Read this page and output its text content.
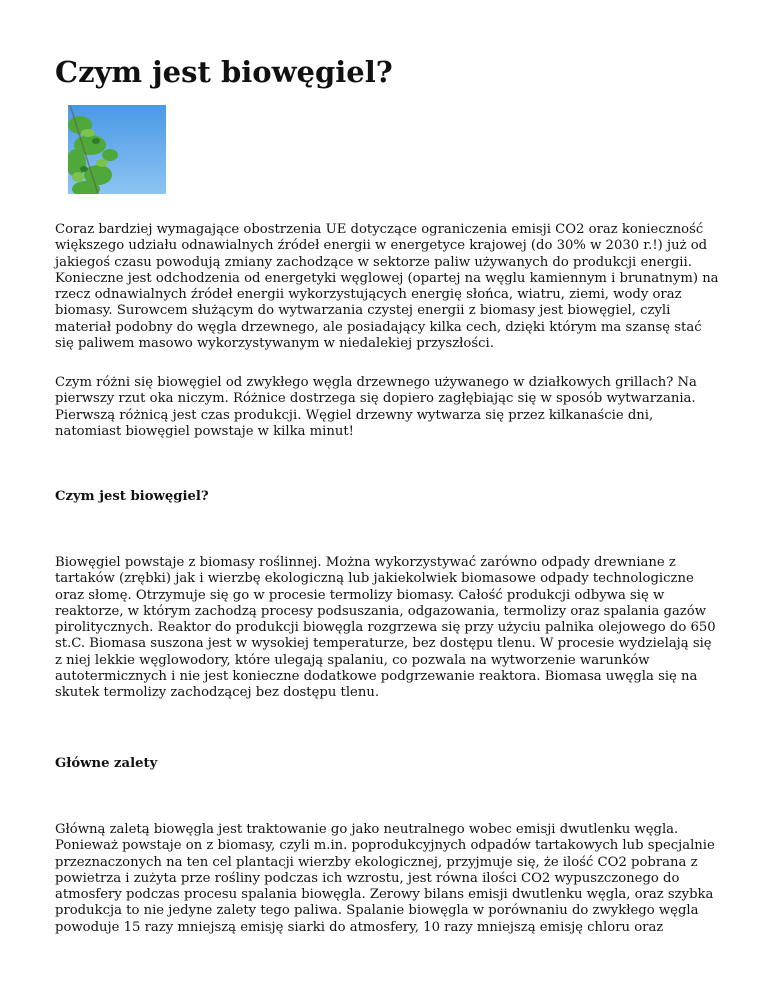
Czym jest biowęgiel?

Coraz bardziej wymagające obostrzenia UE dotyczące ograniczenia emisji CO2 oraz konieczność większego udziału odnawialnych źródeł energii w energetyce krajowej (do 30% w 2030 r.!) już od jakiegoś czasu powodują zmiany zachodzące w sektorze paliw używanych do produkcji energii. Konieczne jest odchodzenia od energetyki węglowej (opartej na węglu kamiennym i brunatnym) na rzecz odnawialnych źródeł energii wykorzystujących energię słońca, wiatru, ziemi, wody oraz biomasy. Surowcem służącym do wytwarzania czystej energii z biomasy jest biowęgiel, czyli materiał podobny do węgla drzewnego, ale posiadający kilka cech, dzięki którym ma szansę stać się paliwem masowo wykorzystywanym w niedalekiej przyszłości.

Czym różni się biowęgiel od zwykłego węgla drzewnego używanego w działkowych grillach? Na pierwszy rzut oka niczym. Różnice dostrzega się dopiero zagłębiając się w sposób wytwarzania. Pierwszą różnicą jest czas produkcji. Węgiel drzewny wytwarza się przez kilkanaście dni, natomiast biowęgiel powstaje w kilka minut!

Czym jest biowęgiel?

Biowęgiel powstaje z biomasy roślinnej. Można wykorzystywać zarówno odpady drewniane z tartaków (zrębki) jak i wierzbę ekologiczną lub jakiekolwiek biomasowe odpady technologiczne oraz słomę. Otrzymuje się go w procesie termolizy biomasy. Całość produkcji odbywa się w reaktorze, w którym zachodzą procesy podsuszania, odgazowania, termolizy oraz spalania gazów pirolitycznych. Reaktor do produkcji biowęgla rozgrzewa się przy użyciu palnika olejowego do 650 st.C. Biomasa suszona jest w wysokiej temperaturze, bez dostępu tlenu. W procesie wydzielają się z niej lekkie węglowodory, które ulegają spalaniu, co pozwala na wytworzenie warunków autotermicznych i nie jest konieczne dodatkowe podgrzewanie reaktora. Biomasa uwęgla się na skutek termolizy zachodzącej bez dostępu tlenu.

Główne zalety

Główną zaletą biowęgla jest traktowanie go jako neutralnego wobec emisji dwutlenku węgla. Ponieważ powstaje on z biomasy, czyli m.in. poprodukcyjnych odpadów tartakowych lub specjalnie przeznaczonych na ten cel plantacji wierzby ekologicznej, przyjmuje się, że ilość CO2 pobrana z powietrza i zużyta prze rośliny podczas ich wzrostu, jest równa ilości CO2 wypuszczonego do atmosfery podczas procesu spalania biowęgla. Zerowy bilans emisji dwutlenku węgla, oraz szybka produkcja to nie jedyne zalety tego paliwa. Spalanie biowęgla w porównaniu do zwykłego węgla powoduje 15 razy mniejszą emisję siarki do atmosfery, 10 razy mniejszą emisję chloru oraz
